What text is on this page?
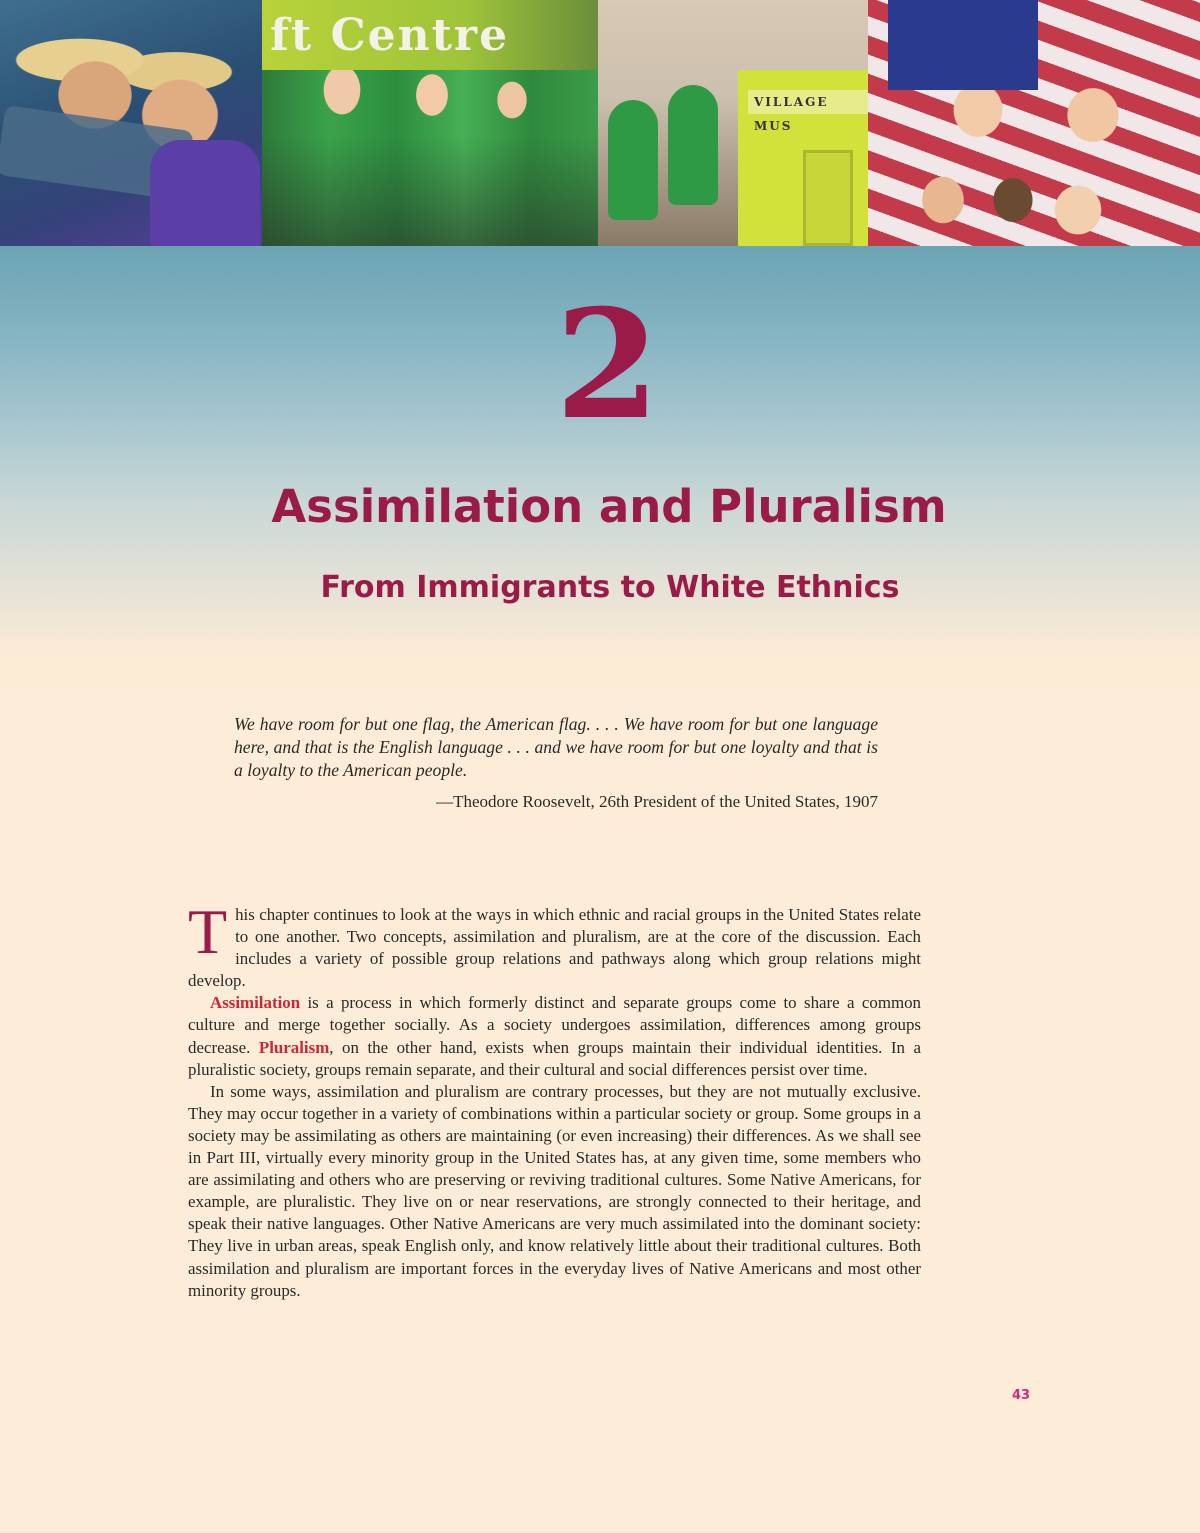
ft Centre
VILLAGE MUS
2
Assimilation and Pluralism
From Immigrants to White Ethnics

We have room for but one flag, the American flag. . . . We have room for but one language here, and that is the English language . . . and we have room for but one loyalty and that is a loyalty to the American people.

—Theodore Roosevelt, 26th President of the United States, 1907

This chapter continues to look at the ways in which ethnic and racial groups in the United States relate to one another. Two concepts, assimilation and pluralism, are at the core of the discussion. Each includes a variety of possible group relations and pathways along which group relations might develop.

Assimilation is a process in which formerly distinct and separate groups come to share a common culture and merge together socially. As a society undergoes assimilation, differences among groups decrease. Pluralism, on the other hand, exists when groups maintain their individual identities. In a pluralistic society, groups remain separate, and their cultural and social differences persist over time.

In some ways, assimilation and pluralism are contrary processes, but they are not mutually exclusive. They may occur together in a variety of combinations within a particular society or group. Some groups in a society may be assimilating as others are maintaining (or even increasing) their differences. As we shall see in Part III, virtually every minority group in the United States has, at any given time, some members who are assimilating and others who are preserving or reviving traditional cultures. Some Native Americans, for example, are pluralistic. They live on or near reservations, are strongly connected to their heritage, and speak their native languages. Other Native Americans are very much assimilated into the dominant society: They live in urban areas, speak English only, and know relatively little about their traditional cultures. Both assimilation and pluralism are important forces in the everyday lives of Native Americans and most other minority groups.

43
